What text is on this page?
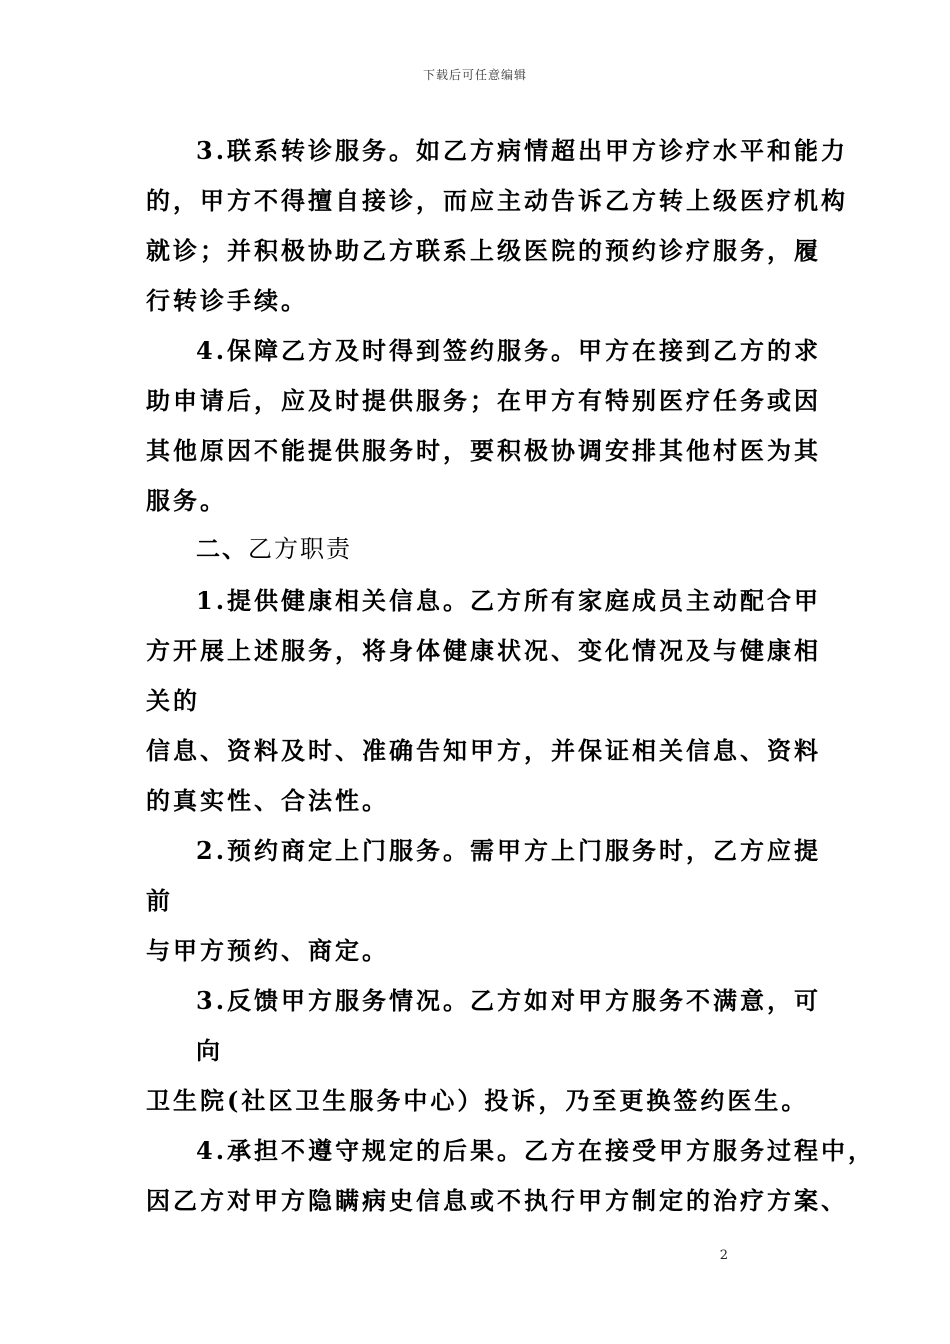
下载后可任意编辑
3.联系转诊服务。如乙方病情超出甲方诊疗水平和能力
的，甲方不得擅自接诊，而应主动告诉乙方转上级医疗机构
就诊；并积极协助乙方联系上级医院的预约诊疗服务，履
行转诊手续。
4.保障乙方及时得到签约服务。甲方在接到乙方的求
助申请后，应及时提供服务；在甲方有特别医疗任务或因
其他原因不能提供服务时，要积极协调安排其他村医为其
服务。
二、乙方职责
1.提供健康相关信息。乙方所有家庭成员主动配合甲
方开展上述服务，将身体健康状况、变化情况及与健康相
关的
信息、资料及时、准确告知甲方，并保证相关信息、资料
的真实性、合法性。
2.预约商定上门服务。需甲方上门服务时，乙方应提
前
与甲方预约、商定。
3.反馈甲方服务情况。乙方如对甲方服务不满意，可
向
卫生院(社区卫生服务中心）投诉，乃至更换签约医生。
4.承担不遵守规定的后果。乙方在接受甲方服务过程中，
因乙方对甲方隐瞒病史信息或不执行甲方制定的治疗方案、
2
